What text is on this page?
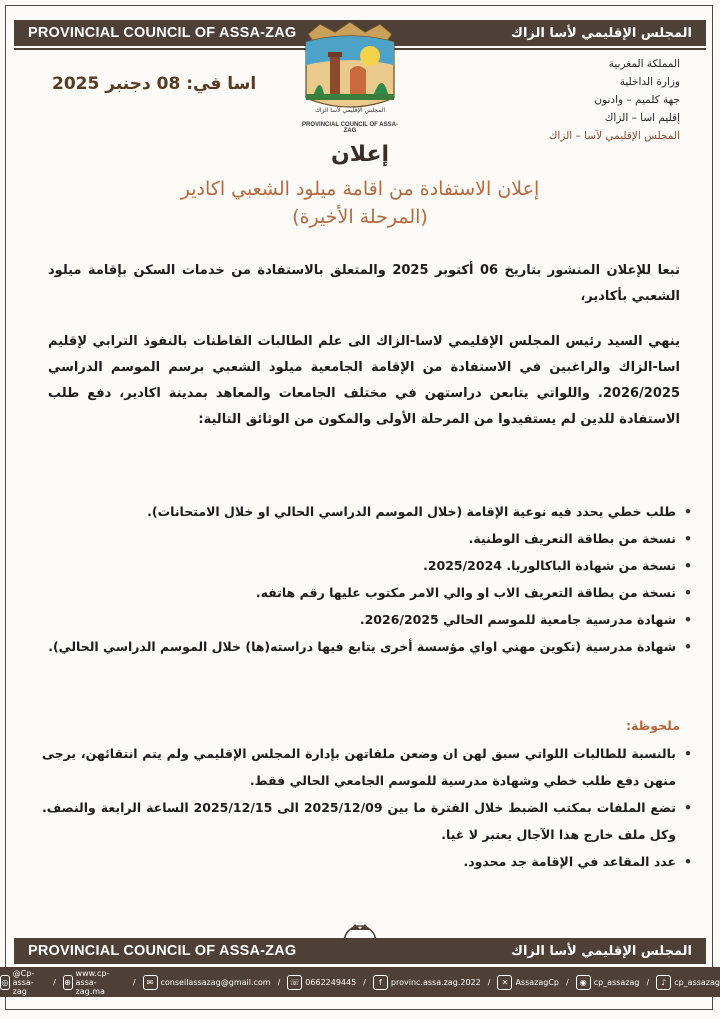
PROVINCIAL COUNCIL OF ASSA-ZAG	المجلس الإقليمي لأسا الزاك
المملكة المغربية
وزارة الداخلية
جهة كلميم – وادنون
إقليم اسا – الزاك
المجلس الإقليمي لآسا – الزاك
اسا في: 08 دجنبر 2025
المجلس الإقليمي لأسا الزاك
PROVINCIAL COUNCIL OF ASSA-ZAG
إعلان
إعلان الاستفادة من اقامة ميلود الشعبي اكادير
(المرحلة الأخيرة)
تبعا للإعلان المنشور بتاريخ 06 أكتوبر 2025 والمتعلق بالاستفادة من خدمات السكن بإقامة ميلود الشعبي بأكادير،
ينهي السيد رئيس المجلس الإقليمي لاسا-الزاك الى علم الطالبات القاطنات بالنفوذ الترابي لإقليم اسا-الزاك والراغبين في الاستفادة من الإقامة الجامعية ميلود الشعبي برسم الموسم الدراسي 2026/2025. واللواتي يتابعن دراستهن في مختلف الجامعات والمعاهد بمدينة اكادير، دفع طلب الاستفادة للدين لم يستفيدوا من المرحلة الأولى والمكون من الوثائق التالية:
• طلب خطي يحدد فيه نوعية الإقامة (خلال الموسم الدراسي الحالي او خلال الامتحانات).
• نسخة من بطاقة التعريف الوطنية.
• نسخة من شهادة الباكالوريا. 2025/2024.
• نسخة من بطاقة التعريف الاب او والي الامر مكتوب عليها رقم هاتفه.
• شهادة مدرسية جامعية للموسم الحالي 2026/2025.
• شهادة مدرسية (تكوين مهني اواي مؤسسة أخرى يتابع فيها دراسته(ها) خلال الموسم الدراسي الحالي).
ملحوظة:
• بالنسبة للطالبات اللواتي سبق لهن ان وضعن ملفاتهن بإدارة المجلس الإقليمي ولم يتم انتقائهن، يرجى منهن دفع طلب خطي وشهادة مدرسية للموسم الجامعي الحالي فقط.
• تضع الملفات بمكتب الضبط خلال الفترة ما بين 2025/12/09 الى 2025/12/15 الساعة الرابعة والنصف. وكل ملف خارج هذا الآجال يعتبر لا غيا.
• عدد المقاعد في الإقامة جد محدود.
PROVINCIAL COUNCIL OF ASSA-ZAG	المجلس الإقليمي لأسا الزاك
◎
@Cp-assa-zag
/ ⊕
www.cp-assa-zag.ma
/	✉ conseilassazag@gmail.com /	☏ 0662249445 /	f	provinc.assa.zag.2022 /	✕ AssazagCp /	◉ cp_assazag /	♪ cp_assazag
